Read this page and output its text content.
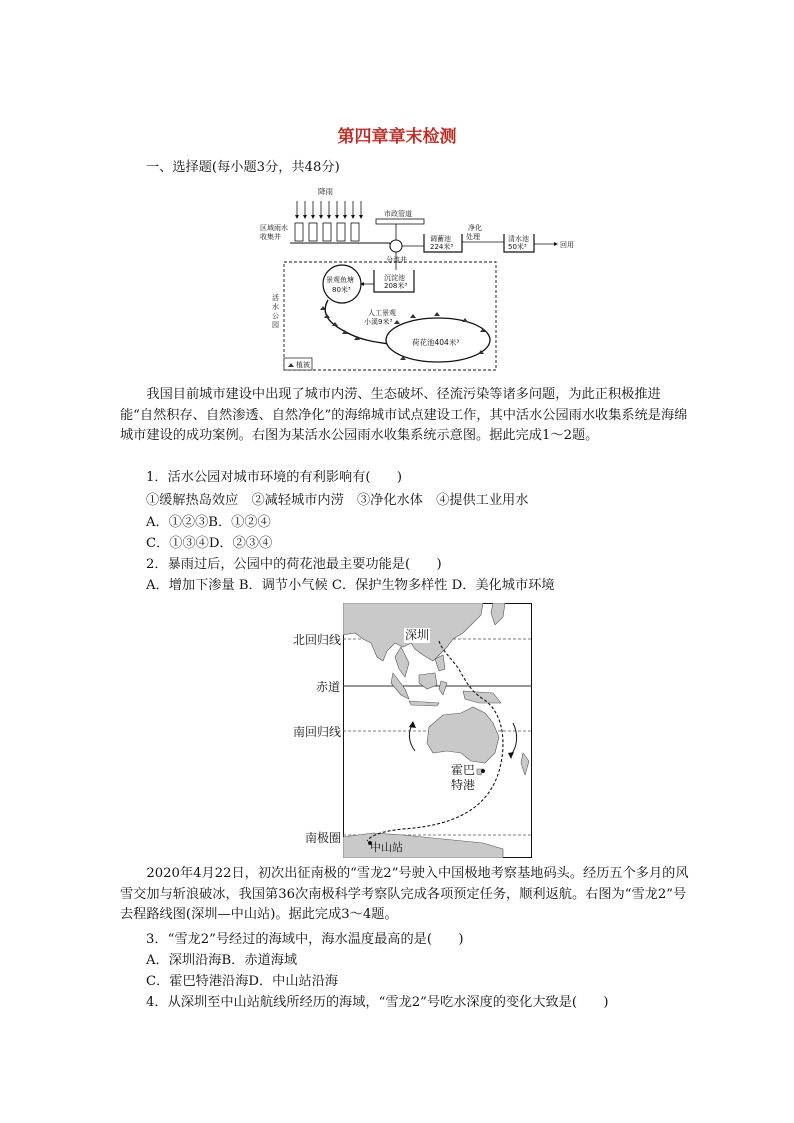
第四章章末检测
一、选择题(每小题3分，共48分)
降雨
区域雨水收集井
分流井
市政管道
调蓄池
224米³
净化处理	清水池
50米³	回用
活水公园
沉淀池
208米³
景观鱼塘
80米³
人工景观小溪9米³
荷花池404米³
植被
我国目前城市建设中出现了城市内涝、生态破坏、径流污染等诸多问题，为此正积极推进能“自然积存、自然渗透、自然净化”的海绵城市试点建设工作，其中活水公园雨水收集系统是海绵城市建设的成功案例。右图为某活水公园雨水收集系统示意图。据此完成1～2题。
1．活水公园对城市环境的有利影响有(　　)
①缓解热岛效应　②减轻城市内涝　③净化水体　④提供工业用水
A．①②③B．①②④
C．①③④D．②③④
2．暴雨过后，公园中的荷花池最主要功能是(　　)
A．增加下渗量 B．调节小气候 C．保护生物多样性 D．美化城市环境
北回归线
赤道
南回归线
南极圈
深圳
霍巴特港
中山站
2020年4月22日，初次出征南极的“雪龙2”号驶入中国极地考察基地码头。经历五个多月的风雪交加与斩浪破冰，我国第36次南极科学考察队完成各项预定任务，顺利返航。右图为“雪龙2”号去程路线图(深圳—中山站)。据此完成3～4题。
3．“雪龙2”号经过的海域中，海水温度最高的是(　　)
A．深圳沿海B．赤道海域
C．霍巴特港沿海D．中山站沿海
4．从深圳至中山站航线所经历的海域，“雪龙2”号吃水深度的变化大致是(　　)
